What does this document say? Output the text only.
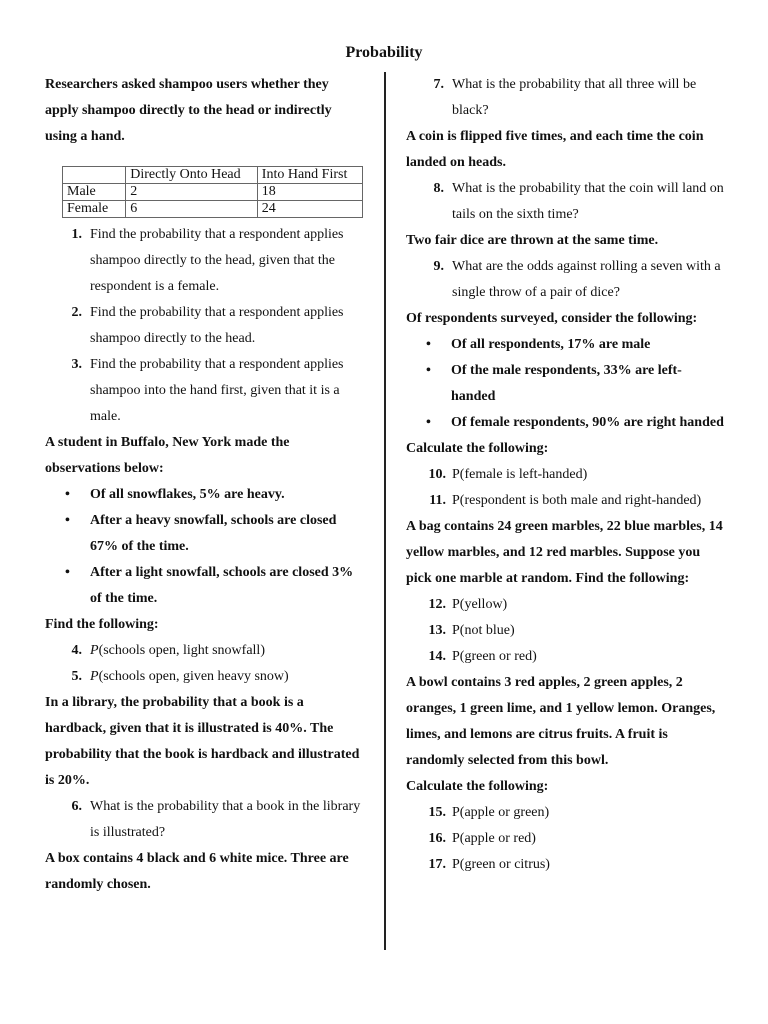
Probability

Researchers asked shampoo users whether they apply shampoo directly to the head or indirectly using a hand.

	Directly Onto Head	Into Hand First
Male	2	18
Female	6	24
1. Find the probability that a respondent applies shampoo directly to the head, given that the respondent is a female.
2. Find the probability that a respondent applies shampoo directly to the head.
3. Find the probability that a respondent applies shampoo into the hand first, given that it is a male.

A student in Buffalo, New York made the observations below:

•	Of all snowflakes, 5% are heavy.
•	After a heavy snowfall, schools are closed 67% of the time.
•	After a light snowfall, schools are closed 3% of the time.

Find the following:

4. P(schools open, light snowfall)
5. P(schools open, given heavy snow)

In a library, the probability that a book is a hardback, given that it is illustrated is 40%. The probability that the book is hardback and illustrated is 20%.

6. What is the probability that a book in the library is illustrated?

A box contains 4 black and 6 white mice. Three are randomly chosen.

7. What is the probability that all three will be black?

A coin is flipped five times, and each time the coin landed on heads.

8. What is the probability that the coin will land on tails on the sixth time?

Two fair dice are thrown at the same time.

9. What are the odds against rolling a seven with a single throw of a pair of dice?

Of respondents surveyed, consider the following:

•	Of all respondents, 17% are male
•	Of the male respondents, 33% are left-handed
•	Of female respondents, 90% are right handed

Calculate the following:

10. P(female is left-handed)
11. P(respondent is both male and right-handed)

A bag contains 24 green marbles, 22 blue marbles, 14 yellow marbles, and 12 red marbles. Suppose you pick one marble at random. Find the following:

12. P(yellow)
13. P(not blue)
14. P(green or red)

A bowl contains 3 red apples, 2 green apples, 2 oranges, 1 green lime, and 1 yellow lemon. Oranges, limes, and lemons are citrus fruits. A fruit is randomly selected from this bowl.

Calculate the following:

15. P(apple or green)
16. P(apple or red)
17. P(green or citrus)
